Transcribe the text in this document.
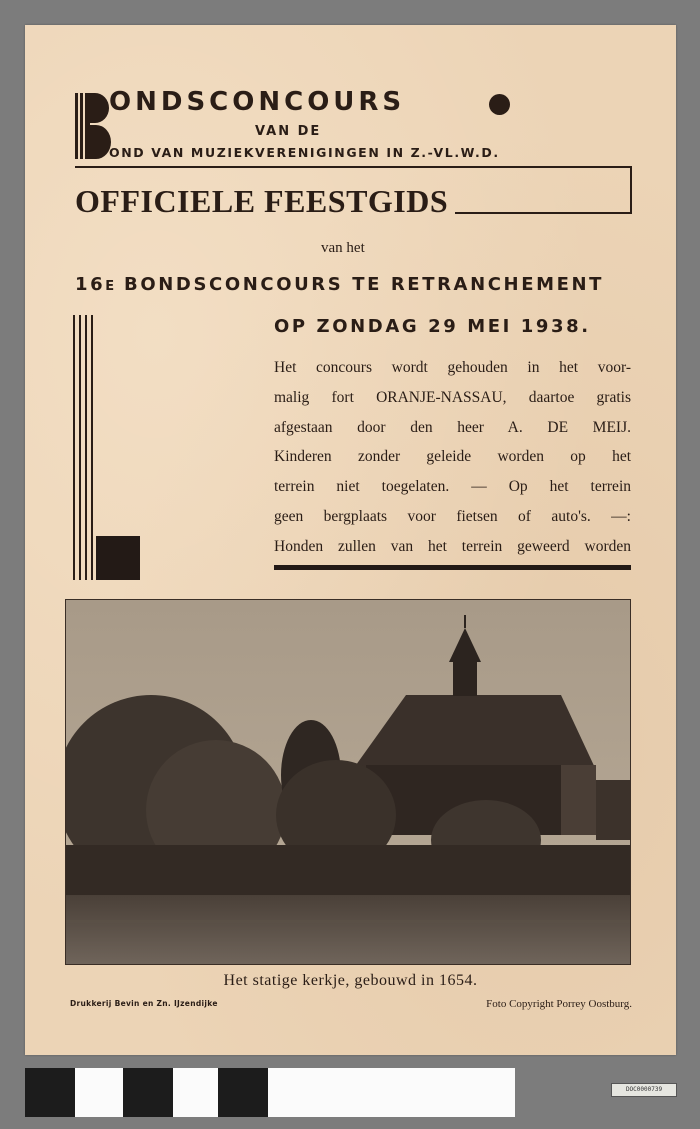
ONDSCONCOURS
VAN DE
OND VAN MUZIEKVERENIGINGEN IN Z.-VL.W.D.
OFFICIELE FEESTGIDS
van het
16E BONDSCONCOURS TE RETRANCHEMENT
OP ZONDAG 29 MEI 1938.
Het concours wordt gehouden in het voor-
malig fort ORANJE-NASSAU, daartoe gratis
afgestaan door den heer A. DE MEIJ.
Kinderen zonder geleide worden op het
terrein niet toegelaten. — Op het terrein
geen bergplaats voor fietsen of auto's. —:
Honden zullen van het terrein geweerd worden
Het statige kerkje, gebouwd in 1654.
Drukkerij Bevin en Zn. IJzendijke	Foto Copyright Porrey Oostburg.
DOC0000739
